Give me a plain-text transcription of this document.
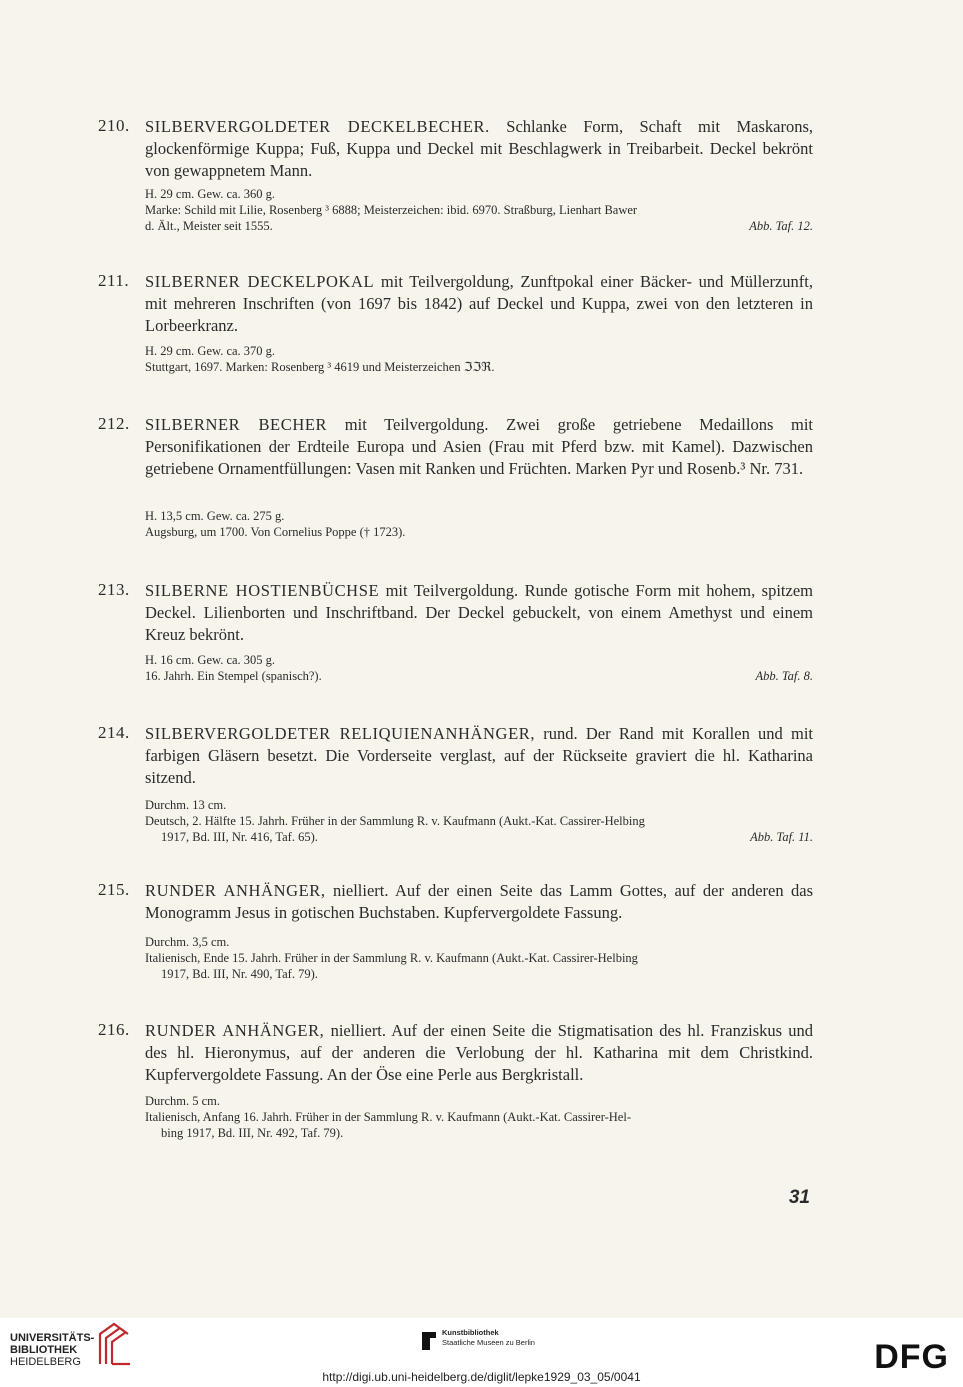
210. SILBERVERGOLDETER DECKELBECHER. Schlanke Form, Schaft mit Maskarons, glockenförmige Kuppa; Fuß, Kuppa und Deckel mit Beschlagwerk in Treibarbeit. Deckel bekrönt von gewappnetem Mann.
H. 29 cm. Gew. ca. 360 g.
Marke: Schild mit Lilie, Rosenberg ³ 6888; Meisterzeichen: ibid. 6970. Straßburg, Lienhart Bawer
d. Ält., Meister seit 1555.	Abb. Taf. 12.
211. SILBERNER DECKELPOKAL mit Teilvergoldung, Zunftpokal einer Bäcker- und Müllerzunft, mit mehreren Inschriften (von 1697 bis 1842) auf Deckel und Kuppa, zwei von den letzteren in Lorbeerkranz.
H. 29 cm. Gew. ca. 370 g.
Stuttgart, 1697. Marken: Rosenberg ³ 4619 und Meisterzeichen ℑℑℜ.
212. SILBERNER BECHER mit Teilvergoldung. Zwei große getriebene Medaillons mit Personifikationen der Erdteile Europa und Asien (Frau mit Pferd bzw. mit Kamel). Dazwischen getriebene Ornamentfüllungen: Vasen mit Ranken und Früchten. Marken Pyr und Rosenb.³ Nr. 731.
H. 13,5 cm. Gew. ca. 275 g.
Augsburg, um 1700. Von Cornelius Poppe († 1723).
213. SILBERNE HOSTIENBÜCHSE mit Teilvergoldung. Runde gotische Form mit hohem, spitzem Deckel. Lilienborten und Inschriftband. Der Deckel gebuckelt, von einem Amethyst und einem Kreuz bekrönt.
H. 16 cm. Gew. ca. 305 g.
16. Jahrh. Ein Stempel (spanisch?).	Abb. Taf. 8.
214. SILBERVERGOLDETER RELIQUIENANHÄNGER, rund. Der Rand mit Korallen und mit farbigen Gläsern besetzt. Die Vorderseite verglast, auf der Rückseite graviert die hl. Katharina sitzend.
Durchm. 13 cm.
Deutsch, 2. Hälfte 15. Jahrh. Früher in der Sammlung R. v. Kaufmann (Aukt.-Kat. Cassirer-Helbing
1917, Bd. III, Nr. 416, Taf. 65).	Abb. Taf. 11.
215. RUNDER ANHÄNGER, nielliert. Auf der einen Seite das Lamm Gottes, auf der anderen das Monogramm Jesus in gotischen Buchstaben. Kupfervergoldete Fassung.
Durchm. 3,5 cm.
Italienisch, Ende 15. Jahrh. Früher in der Sammlung R. v. Kaufmann (Aukt.-Kat. Cassirer-Helbing
1917, Bd. III, Nr. 490, Taf. 79).
216. RUNDER ANHÄNGER, nielliert. Auf der einen Seite die Stigmatisation des hl. Franziskus und des hl. Hieronymus, auf der anderen die Verlobung der hl. Katharina mit dem Christkind. Kupfervergoldete Fassung. An der Öse eine Perle aus Bergkristall.
Durchm. 5 cm.
Italienisch, Anfang 16. Jahrh. Früher in der Sammlung R. v. Kaufmann (Aukt.-Kat. Cassirer-Hel-
bing 1917, Bd. III, Nr. 492, Taf. 79).
31
UNIVERSITÄTS-
BIBLIOTHEK
HEIDELBERG
Kunstbibliothek
Staatliche Museen zu Berlin	DFG
http://digi.ub.uni-heidelberg.de/diglit/lepke1929_03_05/0041
